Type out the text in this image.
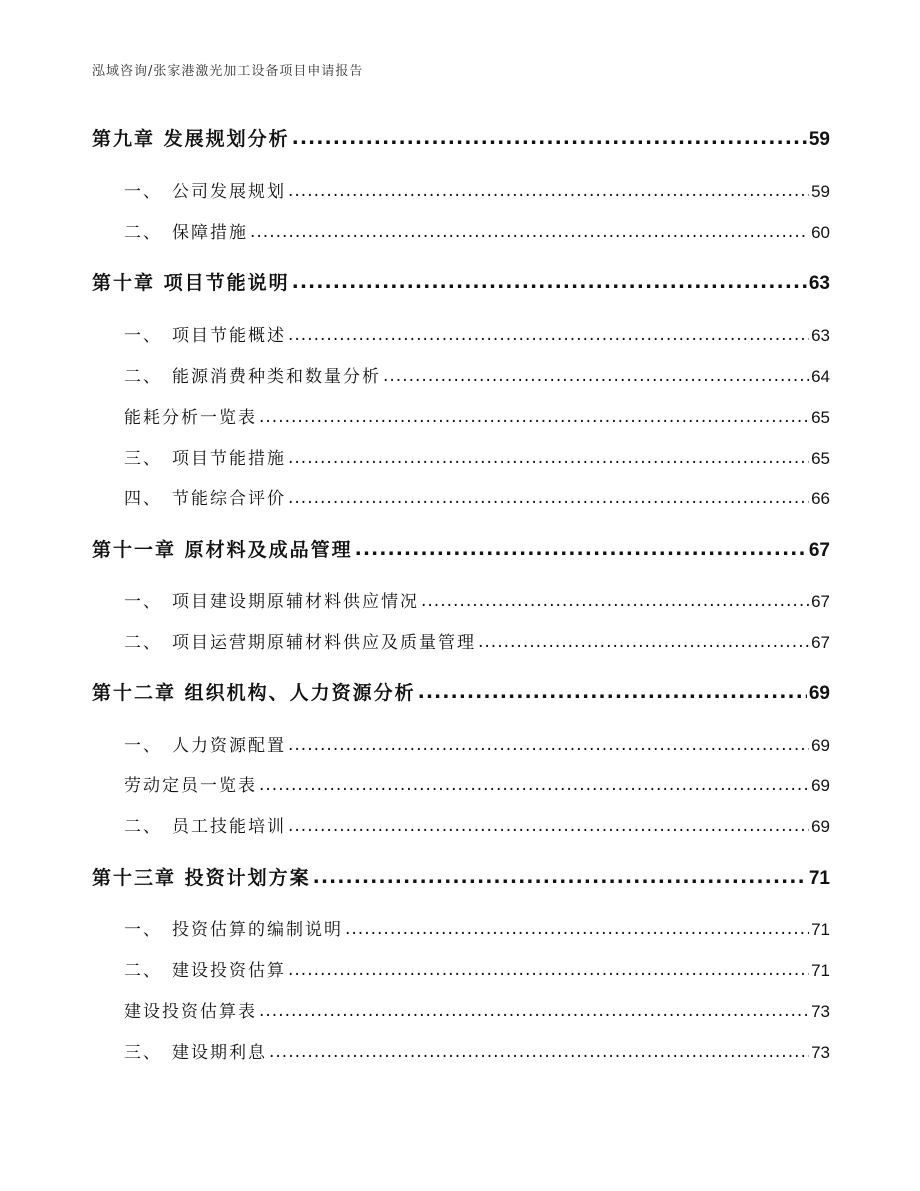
泓域咨询/张家港激光加工设备项目申请报告
第九章 发展规划分析 .....	59
一、 公司发展规划 .....	59
二、 保障措施 .....	60
第十章 项目节能说明 .....	63
一、 项目节能概述 .....	63
二、 能源消费种类和数量分析 .....	64
能耗分析一览表 .....	65
三、 项目节能措施 .....	65
四、 节能综合评价 .....	66
第十一章 原材料及成品管理 .....	67
一、 项目建设期原辅材料供应情况 .....	67
二、 项目运营期原辅材料供应及质量管理 .....	67
第十二章 组织机构、人力资源分析 .....	69
一、 人力资源配置 .....	69
劳动定员一览表 .....	69
二、 员工技能培训 .....	69
第十三章 投资计划方案 .....	71
一、 投资估算的编制说明 .....	71
二、 建设投资估算 .....	71
建设投资估算表 .....	73
三、 建设期利息 .....	73
